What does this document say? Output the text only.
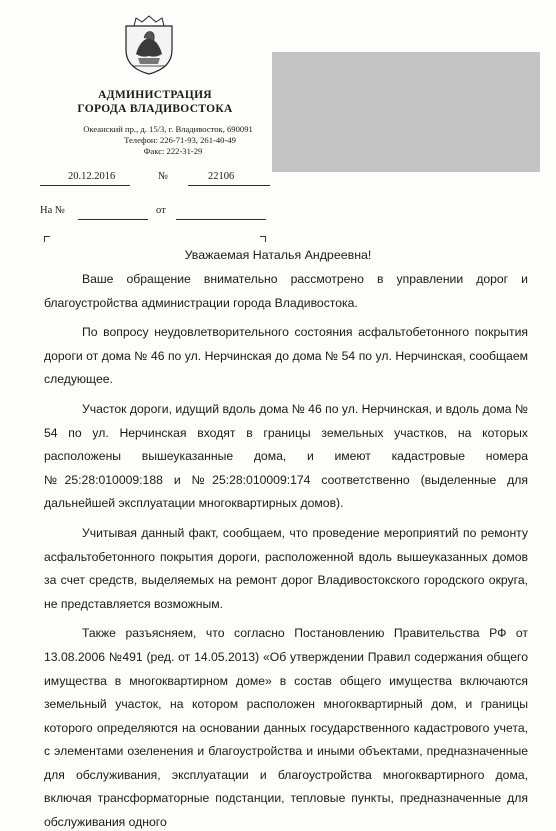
АДМИНИСТРАЦИЯ
ГОРОДА ВЛАДИВОСТОКА
Океанский пр., д. 15/3, г. Владивосток, 690091
Телефон: 226-71-93, 261-40-49
Факс: 222-31-29
20.12.2016	№	22106
На №	от
Уважаемая Наталья Андреевна!

Ваше обращение внимательно рассмотрено в управлении дорог и благоустройства администрации города Владивостока.

По вопросу неудовлетворительного состояния асфальтобетонного покрытия дороги от дома № 46 по ул. Нерчинская до дома № 54 по ул. Нерчинская, сообщаем следующее.

Участок дороги, идущий вдоль дома № 46 по ул. Нерчинская, и вдоль дома № 54 по ул. Нерчинская входят в границы земельных участков, на которых расположены вышеуказанные дома, и имеют кадастровые номера №25:28:010009:188 и №25:28:010009:174 соответственно (выделенные для дальнейшей эксплуатации многоквартирных домов).

Учитывая данный факт, сообщаем, что проведение мероприятий по ремонту асфальтобетонного покрытия дороги, расположенной вдоль вышеуказанных домов за счет средств, выделяемых на ремонт дорог Владивостокского городского округа, не представляется возможным.

Также разъясняем, что согласно Постановлению Правительства РФ от 13.08.2006 №491 (ред. от 14.05.2013) «Об утверждении Правил содержания общего имущества в многоквартирном доме» в состав общего имущества включаются земельный участок, на котором расположен многоквартирный дом, и границы которого определяются на основании данных государственного кадастрового учета, с элементами озеленения и благоустройства и иными объектами, предназначенные для обслуживания, эксплуатации и благоустройства многоквартирного дома, включая трансформаторные подстанции, тепловые пункты, предназначенные для обслуживания одного
